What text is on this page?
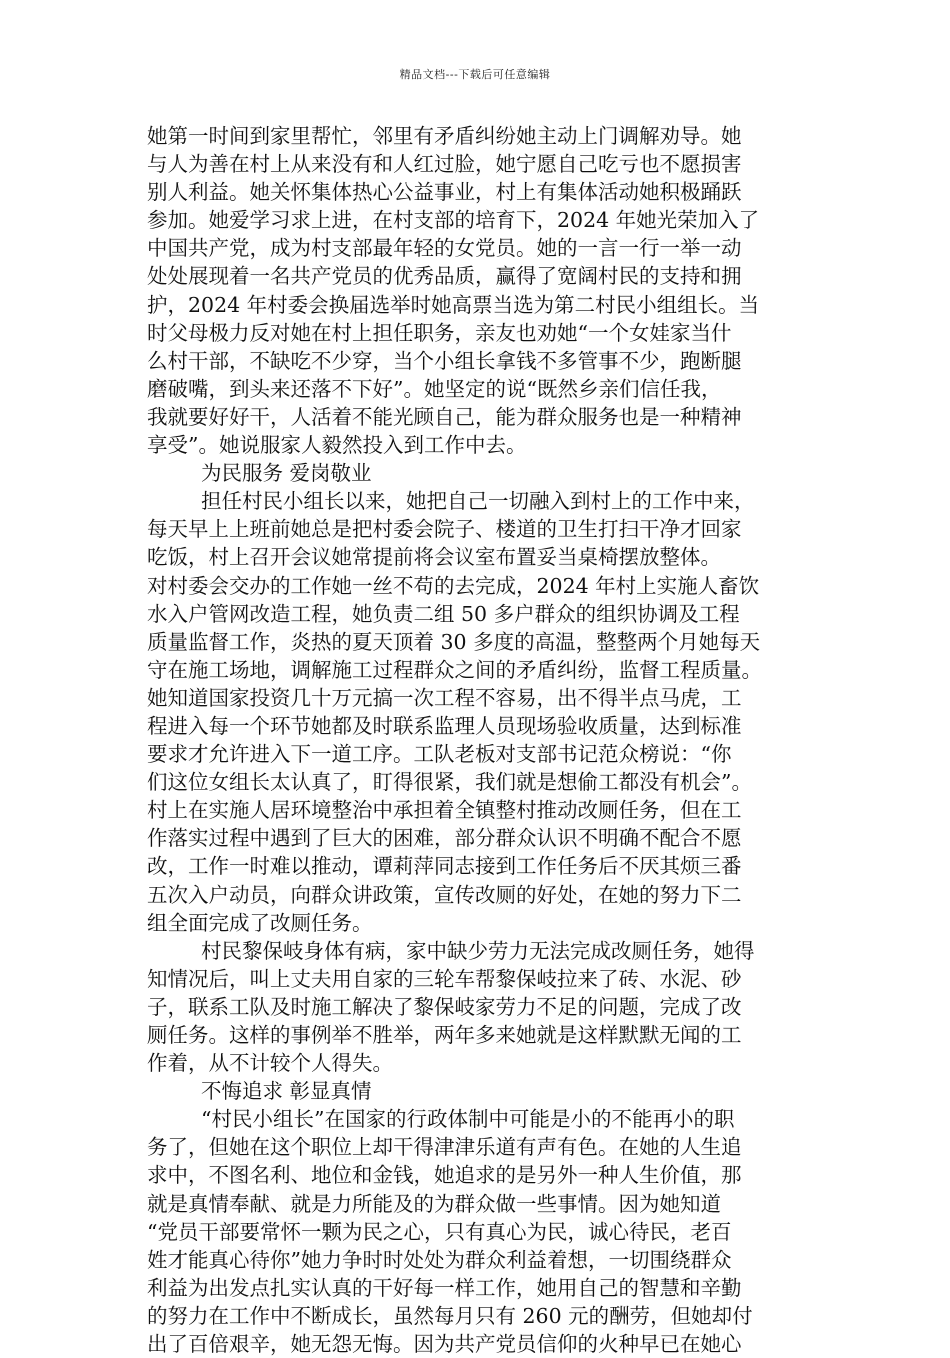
精品文档---下载后可任意编辑
她第一时间到家里帮忙，邻里有矛盾纠纷她主动上门调解劝导。她
与人为善在村上从来没有和人红过脸，她宁愿自己吃亏也不愿损害
别人利益。她关怀集体热心公益事业，村上有集体活动她积极踊跃
参加。她爱学习求上进，在村支部的培育下，2024 年她光荣加入了
中国共产党，成为村支部最年轻的女党员。她的一言一行一举一动
处处展现着一名共产党员的优秀品质，赢得了宽阔村民的支持和拥
护，2024 年村委会换届选举时她高票当选为第二村民小组组长。当
时父母极力反对她在村上担任职务，亲友也劝她“一个女娃家当什
么村干部，不缺吃不少穿，当个小组长拿钱不多管事不少，跑断腿
磨破嘴，到头来还落不下好”。她坚定的说“既然乡亲们信任我，
我就要好好干，人活着不能光顾自己，能为群众服务也是一种精神
享受”。她说服家人毅然投入到工作中去。
为民服务 爱岗敬业
担任村民小组长以来，她把自己一切融入到村上的工作中来，
每天早上上班前她总是把村委会院子、楼道的卫生打扫干净才回家
吃饭，村上召开会议她常提前将会议室布置妥当桌椅摆放整体。
对村委会交办的工作她一丝不苟的去完成，2024 年村上实施人畜饮
水入户管网改造工程，她负责二组 50 多户群众的组织协调及工程
质量监督工作，炎热的夏天顶着 30 多度的高温，整整两个月她每天
守在施工场地，调解施工过程群众之间的矛盾纠纷，监督工程质量。
她知道国家投资几十万元搞一次工程不容易，出不得半点马虎，工
程进入每一个环节她都及时联系监理人员现场验收质量，达到标准
要求才允许进入下一道工序。工队老板对支部书记范众榜说：“你
们这位女组长太认真了，盯得很紧，我们就是想偷工都没有机会”。
村上在实施人居环境整治中承担着全镇整村推动改厕任务，但在工
作落实过程中遇到了巨大的困难，部分群众认识不明确不配合不愿
改，工作一时难以推动，谭莉萍同志接到工作任务后不厌其烦三番
五次入户动员，向群众讲政策，宣传改厕的好处，在她的努力下二
组全面完成了改厕任务。
村民黎保岐身体有病，家中缺少劳力无法完成改厕任务，她得
知情况后，叫上丈夫用自家的三轮车帮黎保岐拉来了砖、水泥、砂
子，联系工队及时施工解决了黎保岐家劳力不足的问题，完成了改
厕任务。这样的事例举不胜举，两年多来她就是这样默默无闻的工
作着，从不计较个人得失。
不悔追求 彰显真情
“村民小组长”在国家的行政体制中可能是小的不能再小的职
务了，但她在这个职位上却干得津津乐道有声有色。在她的人生追
求中，不图名利、地位和金钱，她追求的是另外一种人生价值，那
就是真情奉献、就是力所能及的为群众做一些事情。因为她知道
“党员干部要常怀一颗为民之心，只有真心为民，诚心待民，老百
姓才能真心待你”她力争时时处处为群众利益着想，一切围绕群众
利益为出发点扎实认真的干好每一样工作，她用自己的智慧和辛勤
的努力在工作中不断成长，虽然每月只有 260 元的酬劳，但她却付
出了百倍艰辛，她无怨无悔。因为共产党员信仰的火种早已在她心
